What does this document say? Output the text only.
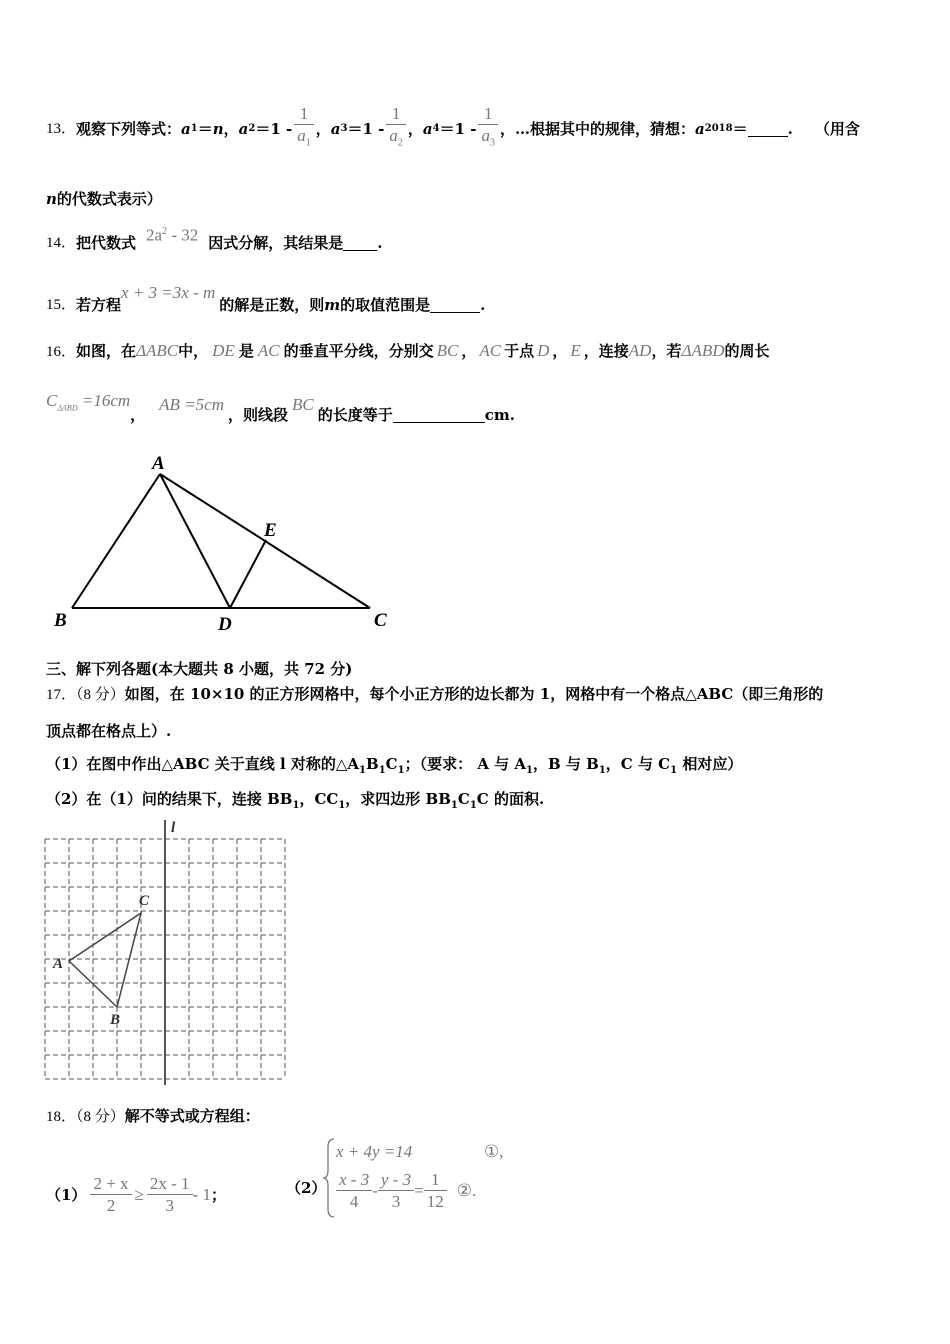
13． 观察下列等式： a 1 ＝ n ， a $2 =1 - \frac{1}{a_1}$ ， a $3 =1 - \frac{1}{a_2}$ ， a $4 =1 - \frac{1}{a_3}$ ，…根据其中的规律，猜想： a 2018 ＝	. （用含
n的代数式表示）
14． 把代数式 $2a^2 - 32$ 因式分解，其结果是 .
15． 若方程
x + 3 =3x - m
的解是正数，则 m 的取值范围是	.
16．如图，在ΔABC中， DE 是 AC 的垂直平分线，分别交 BC ， AC 于点 D ， E ，连接AD，若ΔABD的周长
$C_{\Delta ABD} =16cm$
，
AB =5cm
，则线段
BC
的长度等于	cm.
A
B	C
D
E
三、解下列各题(本大题共 8 小题，共 72 分)
17．（8 分）如图，在 10×10 的正方形网格中，每个小正方形的边长都为 1，网格中有一个格点△ABC（即三角形的
顶点都在格点上）.
（1）在图中作出△ABC 关于直线 l 对称的$\triangle A_1B_1C_1$；（要求： A 与 $A_1$，B 与 $B_1$，C 与 $C_1$ 相对应）
（2）在（1）问的结果下，连接 $BB_1$，$CC_1$，求四边形 $BB_1C_1C$ 的面积.
l
A
B
C
18．（8 分）解不等式或方程组：
$(1) \frac{2 + x}{2} \ge \frac{2x - 1}{3} - 1$ ；	（2）
x + 4y =14	①,
$\frac{x - 3}{4} - \frac{y - 3}{3} = \frac{1}{12}$ ②.
